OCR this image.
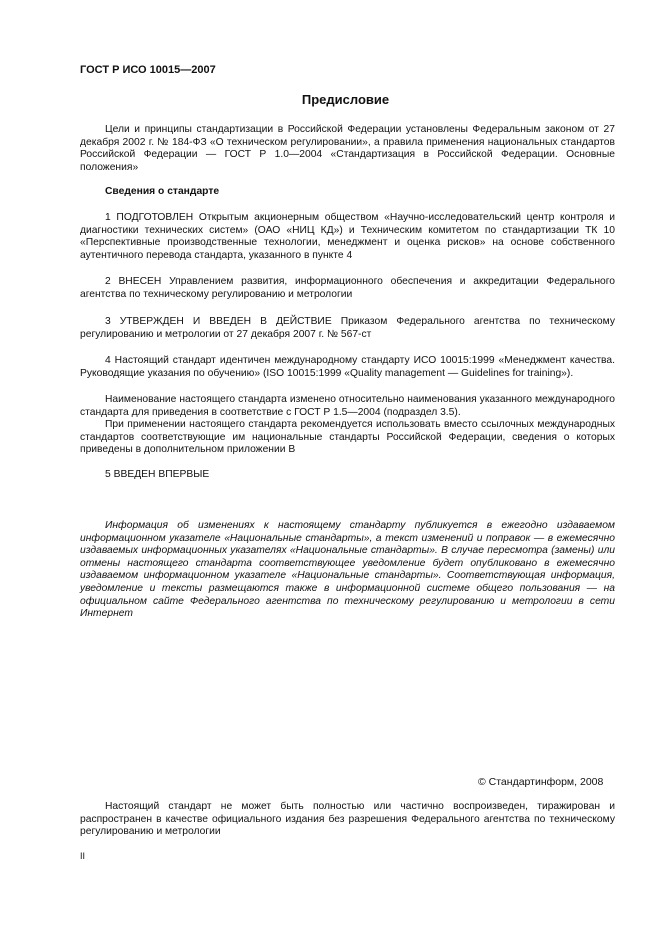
ГОСТ Р ИСО 10015—2007
Предисловие

Цели и принципы стандартизации в Российской Федерации установлены Федеральным законом от 27 декабря 2002 г. № 184-ФЗ «О техническом регулировании», а правила применения национальных стандартов Российской Федерации — ГОСТ Р 1.0—2004 «Стандартизация в Российской Федерации. Основные положения»

Сведения о стандарте

1 ПОДГОТОВЛЕН Открытым акционерным обществом «Научно-исследовательский центр контроля и диагностики технических систем» (ОАО «НИЦ КД») и Техническим комитетом по стандартизации ТК 10 «Перспективные производственные технологии, менеджмент и оценка рисков» на основе собственного аутентичного перевода стандарта, указанного в пункте 4

2 ВНЕСЕН Управлением развития, информационного обеспечения и аккредитации Федерального агентства по техническому регулированию и метрологии

3 УТВЕРЖДЕН И ВВЕДЕН В ДЕЙСТВИЕ Приказом Федерального агентства по техническому регулированию и метрологии от 27 декабря 2007 г. № 567-ст

4 Настоящий стандарт идентичен международному стандарту ИСО 10015:1999 «Менеджмент качества. Руководящие указания по обучению» (ISO 10015:1999 «Quality management — Guidelines for training»).

Наименование настоящего стандарта изменено относительно наименования указанного международного стандарта для приведения в соответствие с ГОСТ Р 1.5—2004 (подраздел 3.5).

При применении настоящего стандарта рекомендуется использовать вместо ссылочных международных стандартов соответствующие им национальные стандарты Российской Федерации, сведения о которых приведены в дополнительном приложении В

5 ВВЕДЕН ВПЕРВЫЕ

Информация об изменениях к настоящему стандарту публикуется в ежегодно издаваемом информационном указателе «Национальные стандарты», а текст изменений и поправок — в ежемесячно издаваемых информационных указателях «Национальные стандарты». В случае пересмотра (замены) или отмены настоящего стандарта соответствующее уведомление будет опубликовано в ежемесячно издаваемом информационном указателе «Национальные стандарты». Соответствующая информация, уведомление и тексты размещаются также в информационной системе общего пользования — на официальном сайте Федерального агентства по техническому регулированию и метрологии в сети Интернет

© Стандартинформ, 2008

Настоящий стандарт не может быть полностью или частично воспроизведен, тиражирован и распространен в качестве официального издания без разрешения Федерального агентства по техническому регулированию и метрологии

II
